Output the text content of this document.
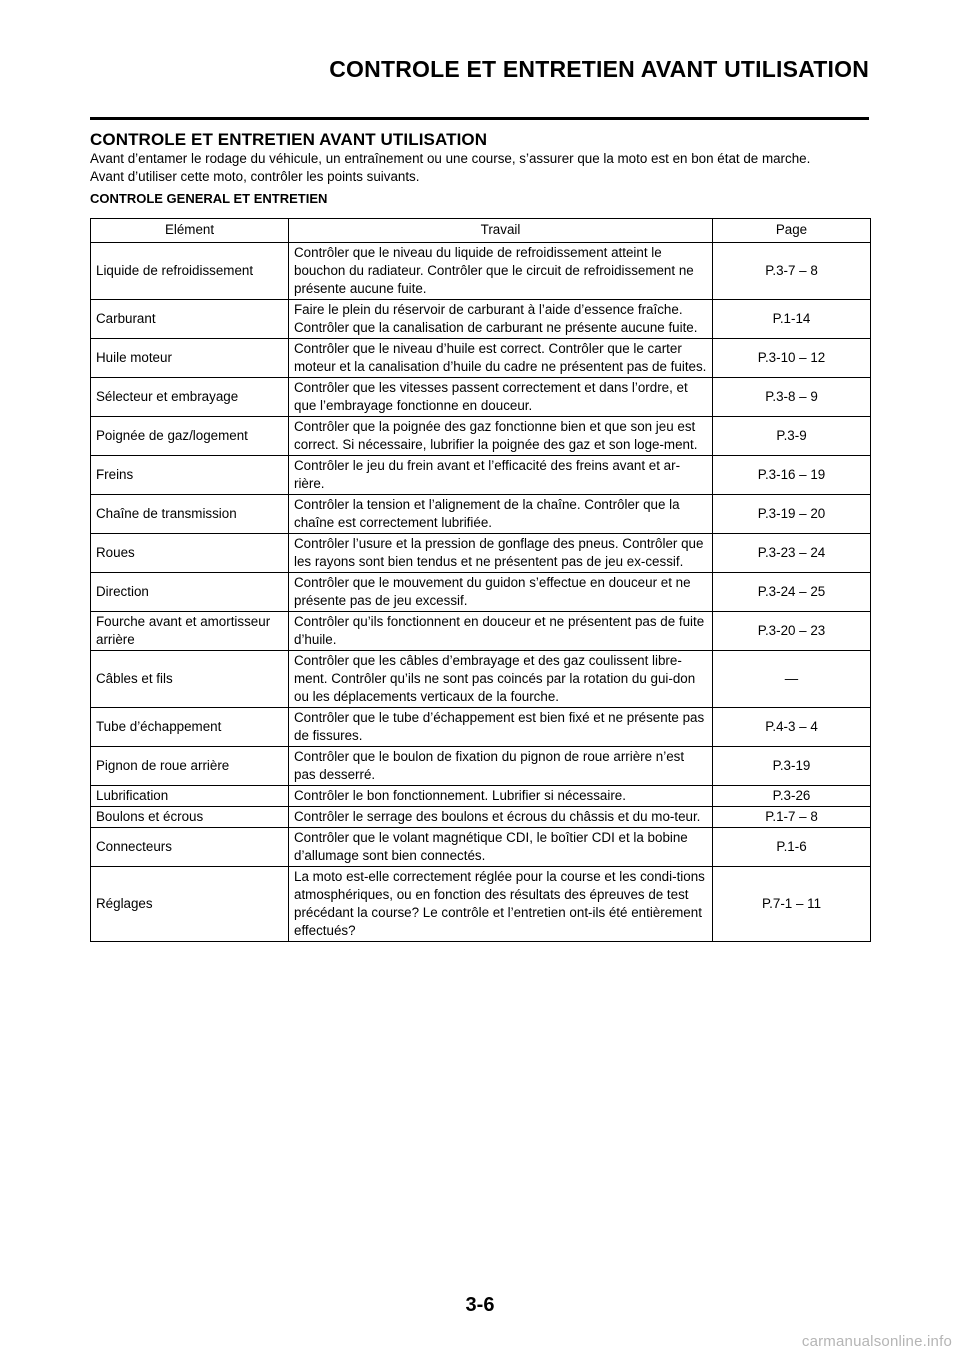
CONTROLE ET ENTRETIEN AVANT UTILISATION
CONTROLE ET ENTRETIEN AVANT UTILISATION

Avant d’entamer le rodage du véhicule, un entraînement ou une course, s’assurer que la moto est en bon état de marche.

Avant d’utiliser cette moto, contrôler les points suivants.

CONTROLE GENERAL ET ENTRETIEN
Elément	Travail	Page
Liquide de refroidissement	Contrôler que le niveau du liquide de refroidissement atteint le bouchon du radiateur. Contrôler que le circuit de refroidissement ne présente aucune fuite.	P.3-7 – 8
Carburant	Faire le plein du réservoir de carburant à l’aide d’essence fraîche. Contrôler que la canalisation de carburant ne présente aucune fuite.	P.1-14
Huile moteur	Contrôler que le niveau d’huile est correct. Contrôler que le carter moteur et la canalisation d’huile du cadre ne présentent pas de fuites.	P.3-10 – 12
Sélecteur et embrayage	Contrôler que les vitesses passent correctement et dans l’ordre, et que l’embrayage fonctionne en douceur.	P.3-8 – 9
Poignée de gaz/logement	Contrôler que la poignée des gaz fonctionne bien et que son jeu est correct. Si nécessaire, lubrifier la poignée des gaz et son loge-ment.	P.3-9
Freins	Contrôler le jeu du frein avant et l’efficacité des freins avant et ar-rière.	P.3-16 – 19
Chaîne de transmission	Contrôler la tension et l’alignement de la chaîne. Contrôler que la chaîne est correctement lubrifiée.	P.3-19 – 20
Roues	Contrôler l’usure et la pression de gonflage des pneus. Contrôler que les rayons sont bien tendus et ne présentent pas de jeu ex-cessif.	P.3-23 – 24
Direction	Contrôler que le mouvement du guidon s’effectue en douceur et ne présente pas de jeu excessif.	P.3-24 – 25
Fourche avant et amortisseur arrière	Contrôler qu’ils fonctionnent en douceur et ne présentent pas de fuite d’huile.	P.3-20 – 23
Câbles et fils	Contrôler que les câbles d’embrayage et des gaz coulissent libre-ment. Contrôler qu’ils ne sont pas coincés par la rotation du gui-don ou les déplacements verticaux de la fourche.	—
Tube d’échappement	Contrôler que le tube d’échappement est bien fixé et ne présente pas de fissures.	P.4-3 – 4
Pignon de roue arrière	Contrôler que le boulon de fixation du pignon de roue arrière n’est pas desserré.	P.3-19
Lubrification	Contrôler le bon fonctionnement. Lubrifier si nécessaire.	P.3-26
Boulons et écrous	Contrôler le serrage des boulons et écrous du châssis et du mo-teur.	P.1-7 – 8
Connecteurs	Contrôler que le volant magnétique CDI, le boîtier CDI et la bobine d’allumage sont bien connectés.	P.1-6
Réglages	La moto est-elle correctement réglée pour la course et les condi-tions atmosphériques, ou en fonction des résultats des épreuves de test précédant la course? Le contrôle et l’entretien ont-ils été entièrement effectués?	P.7-1 – 11
3-6
carmanualsonline.info
